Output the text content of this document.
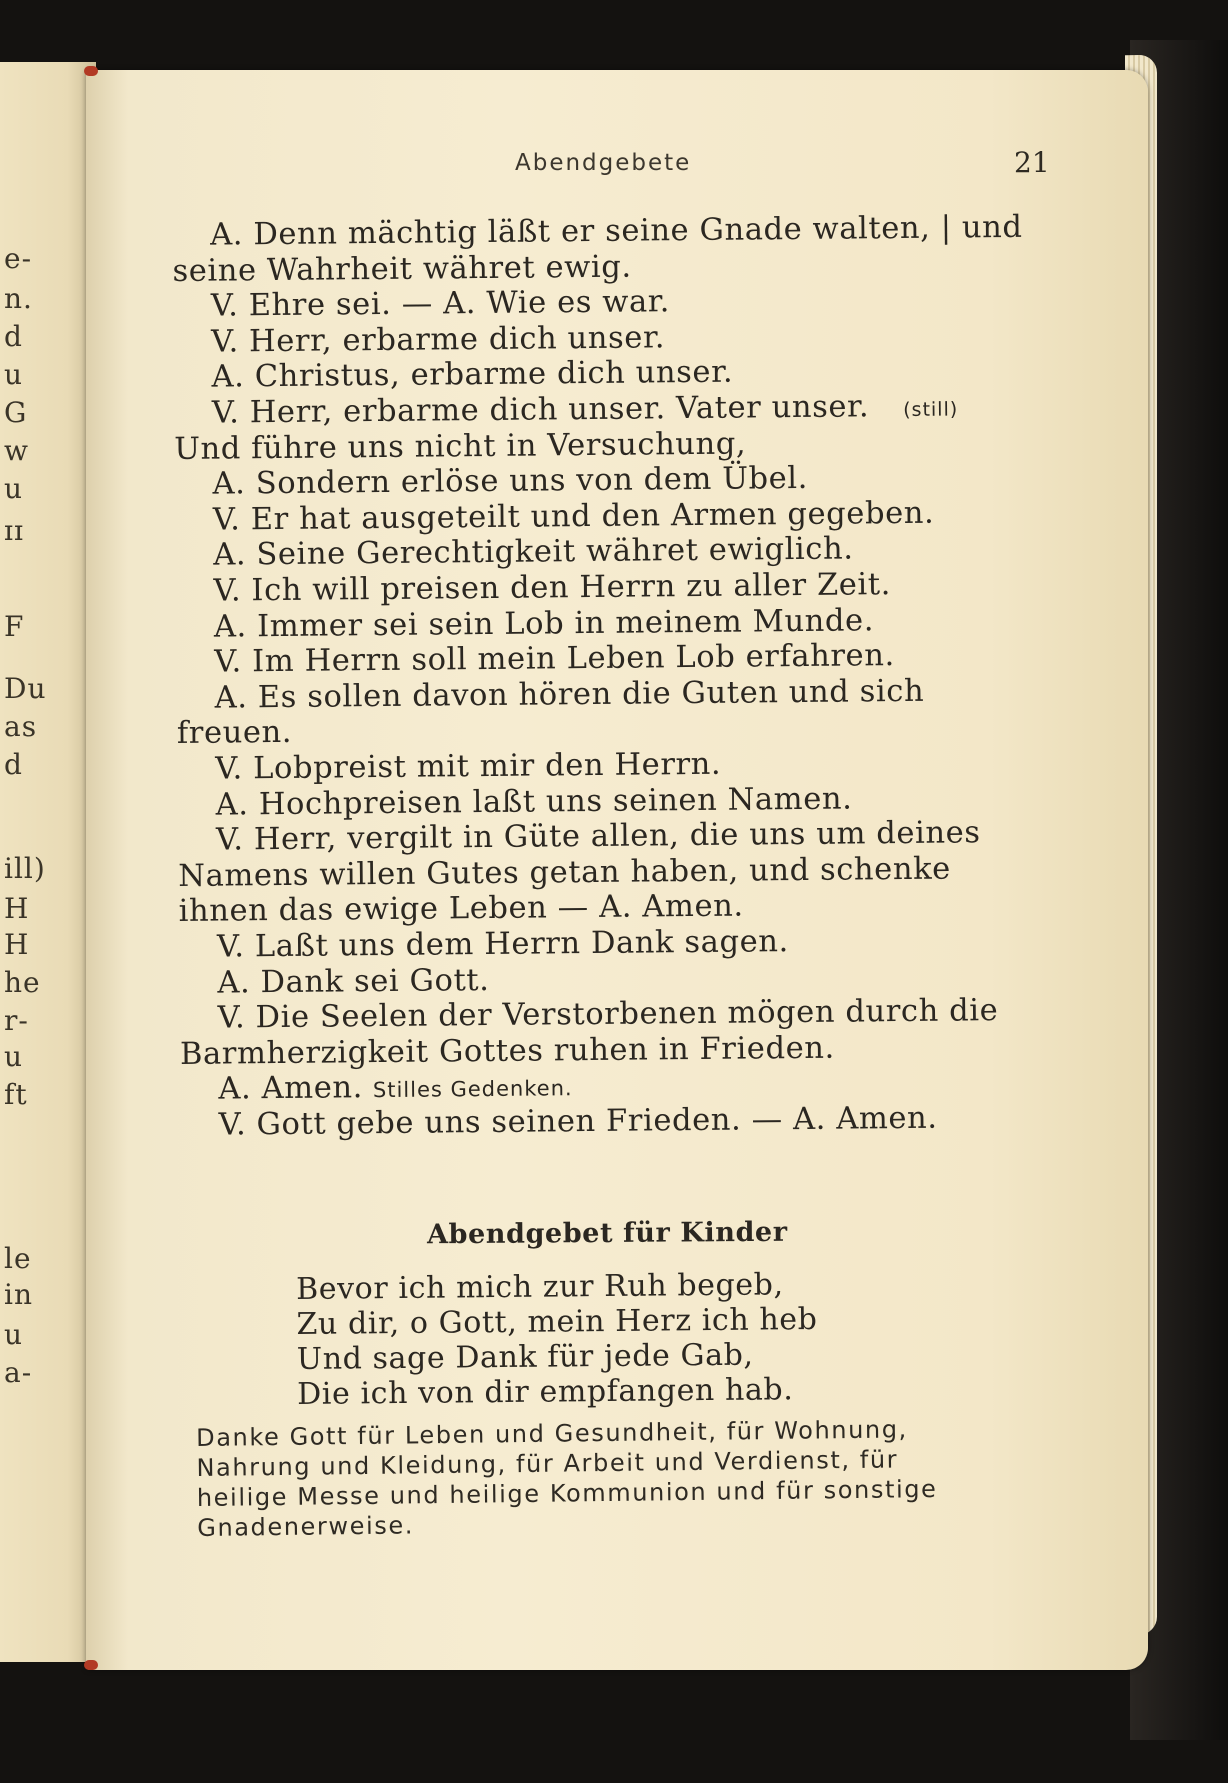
e-
n.
d
u
G
w
u
ɪɪ
F
Du
as
d
ill)
H
H
he
r-
u
ft
le
in
u
a-
Abendgebete	21
A. Denn mächtig läßt er seine Gnade walten, | und
seine Wahrheit währet ewig.
V. Ehre sei. — A. Wie es war.
V. Herr, erbarme dich unser.
A. Christus, erbarme dich unser.
V. Herr, erbarme dich unser. Vater unser. (still)
Und führe uns nicht in Versuchung,
A. Sondern erlöse uns von dem Übel.
V. Er hat ausgeteilt und den Armen gegeben.
A. Seine Gerechtigkeit währet ewiglich.
V. Ich will preisen den Herrn zu aller Zeit.
A. Immer sei sein Lob in meinem Munde.
V. Im Herrn soll mein Leben Lob erfahren.
A. Es sollen davon hören die Guten und sich
freuen.
V. Lobpreist mit mir den Herrn.
A. Hochpreisen laßt uns seinen Namen.
V. Herr, vergilt in Güte allen, die uns um deines
Namens willen Gutes getan haben, und schenke
ihnen das ewige Leben — A. Amen.
V. Laßt uns dem Herrn Dank sagen.
A. Dank sei Gott.
V. Die Seelen der Verstorbenen mögen durch die
Barmherzigkeit Gottes ruhen in Frieden.
A. Amen. Stilles Gedenken.
V. Gott gebe uns seinen Frieden. — A. Amen.
Abendgebet für Kinder
Bevor ich mich zur Ruh begeb,
Zu dir, o Gott, mein Herz ich heb
Und sage Dank für jede Gab,
Die ich von dir empfangen hab.
Danke Gott für Leben und Gesundheit, für Wohnung,
Nahrung und Kleidung, für Arbeit und Verdienst, für
heilige Messe und heilige Kommunion und für sonstige
Gnadenerweise.
